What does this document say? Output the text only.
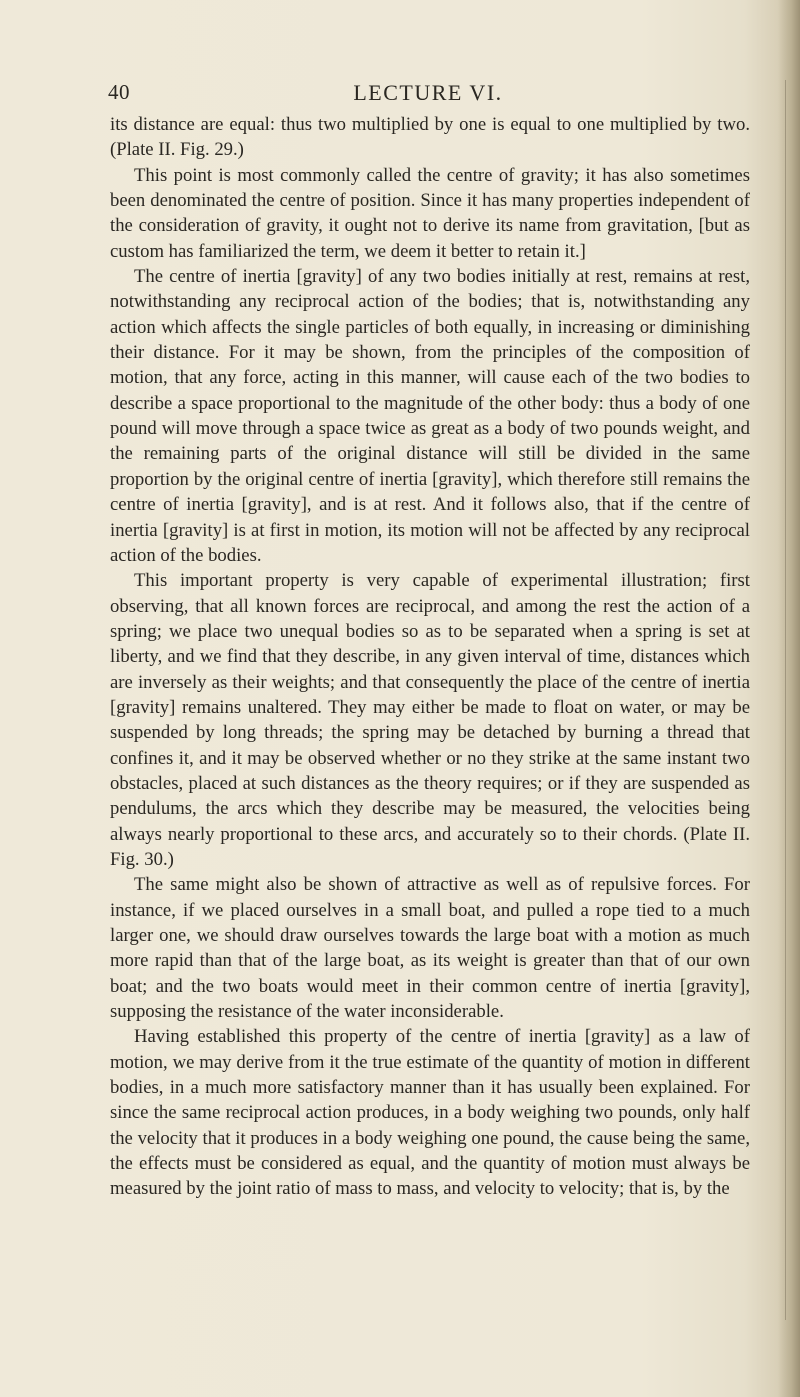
40	LECTURE VI.

its distance are equal: thus two multiplied by one is equal to one multiplied by two. (Plate II. Fig. 29.)

This point is most commonly called the centre of gravity; it has also sometimes been denominated the centre of position. Since it has many properties independent of the consideration of gravity, it ought not to derive its name from gravitation, [but as custom has familiarized the term, we deem it better to retain it.]

The centre of inertia [gravity] of any two bodies initially at rest, remains at rest, notwithstanding any reciprocal action of the bodies; that is, notwithstanding any action which affects the single particles of both equally, in increasing or diminishing their distance. For it may be shown, from the principles of the composition of motion, that any force, acting in this manner, will cause each of the two bodies to describe a space proportional to the magnitude of the other body: thus a body of one pound will move through a space twice as great as a body of two pounds weight, and the remaining parts of the original distance will still be divided in the same proportion by the original centre of inertia [gravity], which therefore still remains the centre of inertia [gravity], and is at rest. And it follows also, that if the centre of inertia [gravity] is at first in motion, its motion will not be affected by any reciprocal action of the bodies.

This important property is very capable of experimental illustration; first observing, that all known forces are reciprocal, and among the rest the action of a spring; we place two unequal bodies so as to be separated when a spring is set at liberty, and we find that they describe, in any given interval of time, distances which are inversely as their weights; and that consequently the place of the centre of inertia [gravity] remains unaltered. They may either be made to float on water, or may be suspended by long threads; the spring may be detached by burning a thread that confines it, and it may be observed whether or no they strike at the same instant two obstacles, placed at such distances as the theory requires; or if they are suspended as pendulums, the arcs which they describe may be measured, the velocities being always nearly proportional to these arcs, and accurately so to their chords. (Plate II. Fig. 30.)

The same might also be shown of attractive as well as of repulsive forces. For instance, if we placed ourselves in a small boat, and pulled a rope tied to a much larger one, we should draw ourselves towards the large boat with a motion as much more rapid than that of the large boat, as its weight is greater than that of our own boat; and the two boats would meet in their common centre of inertia [gravity], supposing the resistance of the water inconsiderable.

Having established this property of the centre of inertia [gravity] as a law of motion, we may derive from it the true estimate of the quantity of motion in different bodies, in a much more satisfactory manner than it has usually been explained. For since the same reciprocal action produces, in a body weighing two pounds, only half the velocity that it produces in a body weighing one pound, the cause being the same, the effects must be considered as equal, and the quantity of motion must always be measured by the joint ratio of mass to mass, and velocity to velocity; that is, by the
